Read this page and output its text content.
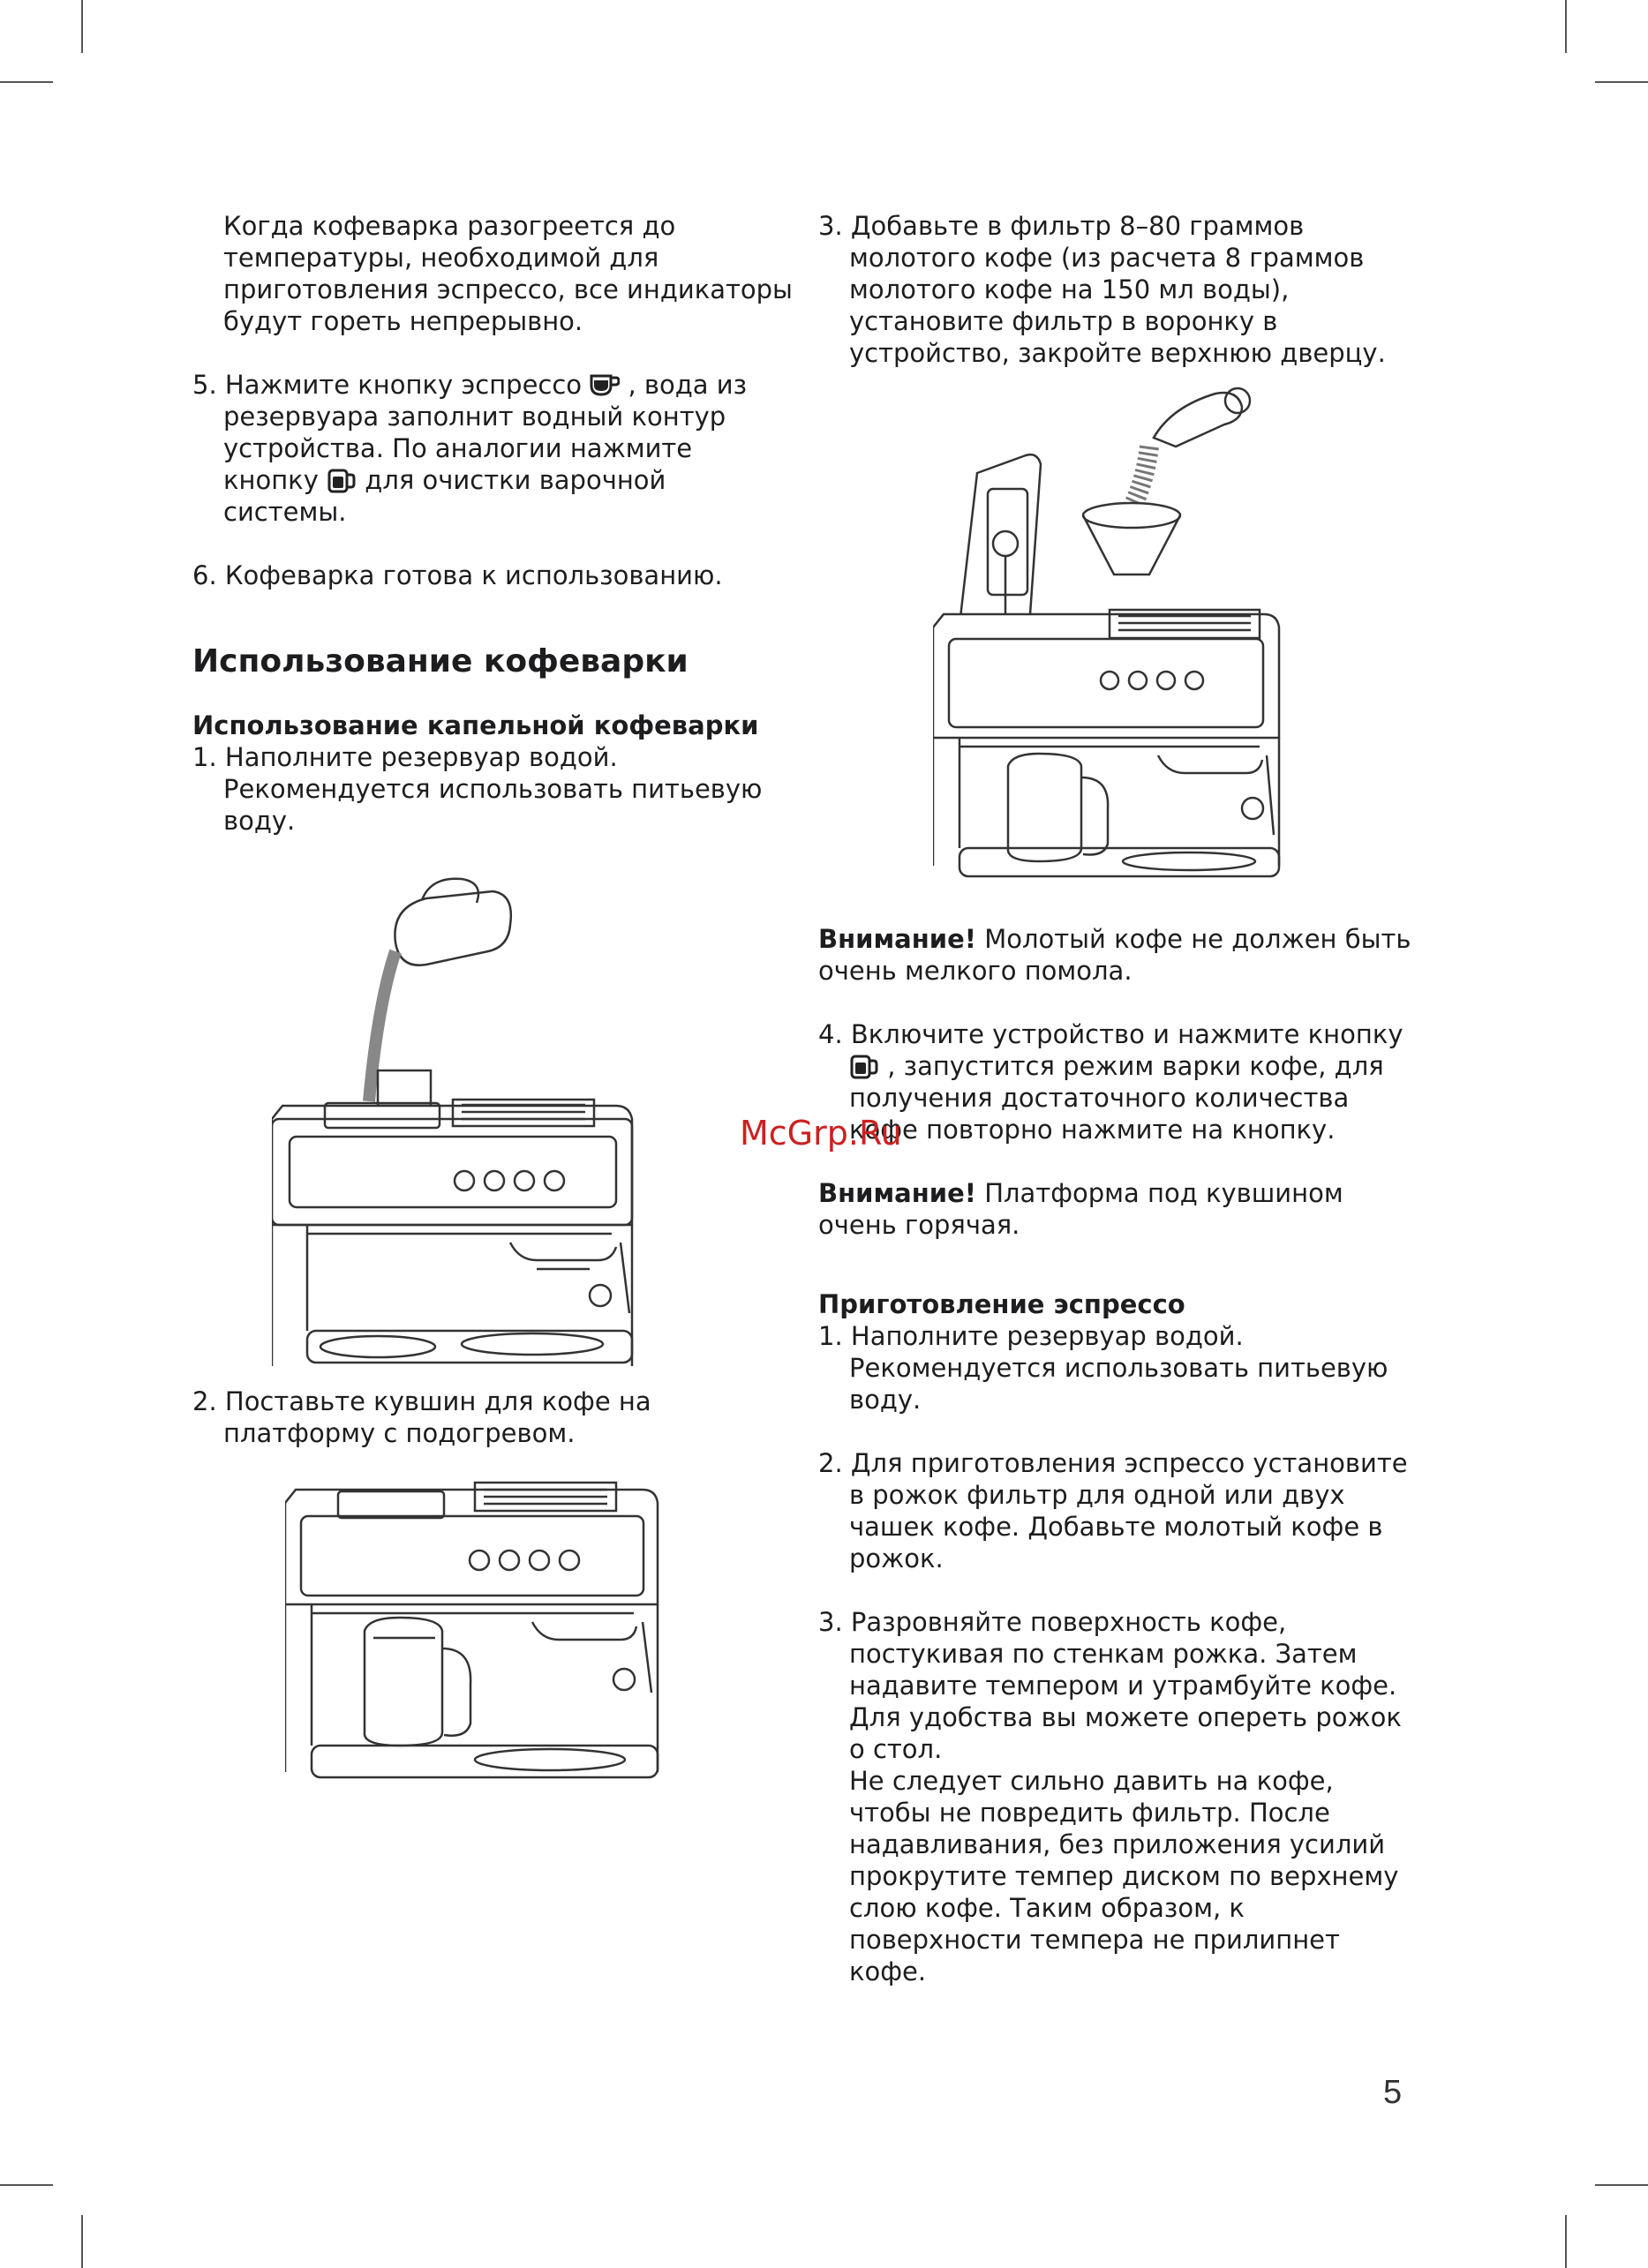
Когда кофеварка разогреется до температуры, необходимой для приготовления эспрессо, все индикаторы будут гореть непрерывно.

5. Нажмите кнопку эспрессо , вода из резервуара заполнит водный контур устройства. По аналогии нажмите кнопку для очистки варочной системы.

6. Кофеварка готова к использованию.

Использование кофеварки
Использование капельной кофеварки

1. Наполните резервуар водой. Рекомендуется использовать питьевую воду.

2. Поставьте кувшин для кофе на платформу с подогревом.

3. Добавьте в фильтр 8–80 граммов молотого кофе (из расчета 8 граммов молотого кофе на 150 мл воды), установите фильтр в воронку в устройство, закройте верхнюю дверцу.

Внимание! Молотый кофе не должен быть очень мелкого помола.

4. Включите устройство и нажмите кнопку  , запустится режим варки кофе, для получения достаточного количества кофе повторно нажмите на кнопку.

Внимание! Платформа под кувшином очень горячая.

Приготовление эспрессо

1. Наполните резервуар водой. Рекомендуется использовать питьевую воду.

2. Для приготовления эспрессо установите в рожок фильтр для одной или двух чашек кофе. Добавьте молотый кофе в рожок.

3. Разровняйте поверхность кофе, постукивая по стенкам рожка. Затем надавите темпером и утрамбуйте кофе. Для удобства вы можете опереть рожок о стол.

Не следует сильно давить на кофе, чтобы не повредить фильтр. После надавливания, без приложения усилий прокрутите темпер диском по верхнему слою кофе. Таким образом, к поверхности темпера не прилипнет кофе.

McGrp.Ru
5
